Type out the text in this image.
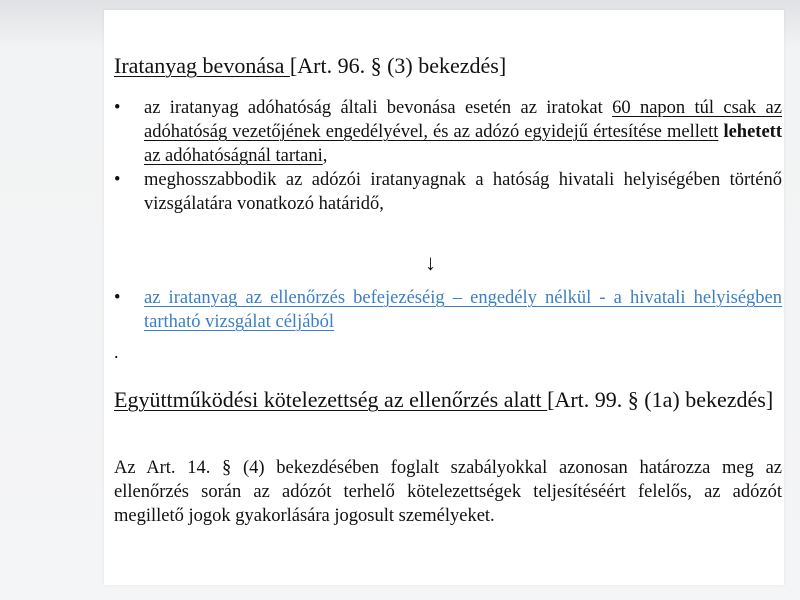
Iratanyag bevonása [Art. 96. § (3) bekezdés]
•	az iratanyag adóhatóság általi bevonása esetén az iratokat 60 napon túl csak az adóhatóság vezetőjének engedélyével, és az adózó egyidejű értesítése mellett lehetett az adóhatóságnál tartani,
•	meghosszabbodik az adózói iratanyagnak a hatóság hivatali helyiségében történő vizsgálatára vonatkozó határidő,
↓
•	az iratanyag az ellenőrzés befejezéséig – engedély nélkül - a hivatali helyiségben tartható vizsgálat céljából
.
Együttműködési kötelezettség az ellenőrzés alatt [Art. 99. § (1a) bekezdés]
Az Art. 14. § (4) bekezdésében foglalt szabályokkal azonosan határozza meg az ellenőrzés során az adózót terhelő kötelezettségek teljesítéséért felelős, az adózót megillető jogok gyakorlására jogosult személyeket.
